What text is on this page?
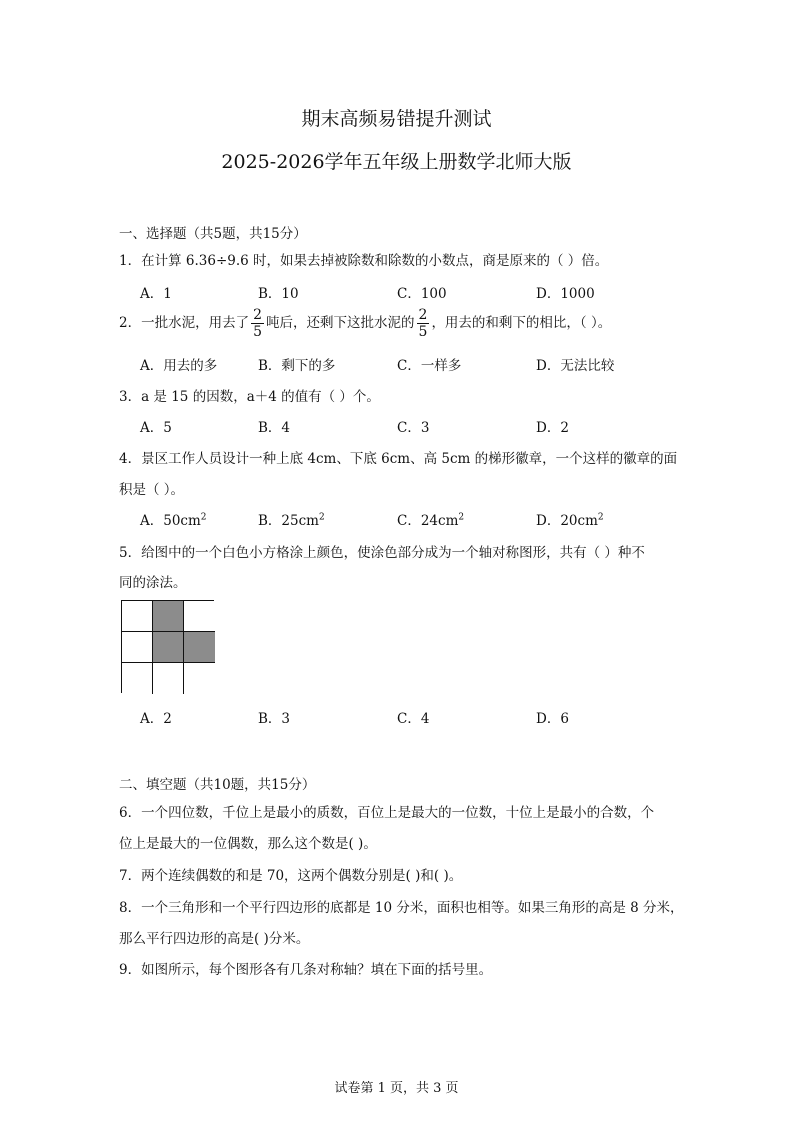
期末高频易错提升测试
2025-2026学年五年级上册数学北师大版
一、选择题（共5题，共15分）
1．在计算 6.36÷9.6 时，如果去掉被除数和除数的小数点，商是原来的（ ）倍。
A．1	B．10	C．100	D．1000
2．一批水泥，用去了 $\frac{2}{5}$ 吨后，还剩下这批水泥的 $\frac{2}{5}$ ，用去的和剩下的相比，（ ）。
A．用去的多	B．剩下的多	C．一样多	D．无法比较
3．a 是 15 的因数，a＋4 的值有（ ）个。
A．5	B．4	C．3	D．2
4．景区工作人员设计一种上底 4cm、下底 6cm、高 5cm 的梯形徽章，一个这样的徽章的面
积是（ ）。
A．$50cm^2$	B．$25cm^2$	C．$24cm^2$	D．$20cm^2$
5．给图中的一个白色小方格涂上颜色，使涂色部分成为一个轴对称图形，共有（ ）种不
同的涂法。
A．2	B．3	C．4	D．6
二、填空题（共10题，共15分）
6．一个四位数，千位上是最小的质数，百位上是最大的一位数，十位上是最小的合数，个
位上是最大的一位偶数，那么这个数是( )。
7．两个连续偶数的和是 70，这两个偶数分别是( )和( )。
8．一个三角形和一个平行四边形的底都是 10 分米，面积也相等。如果三角形的高是 8 分米，
那么平行四边形的高是( )分米。
9．如图所示，每个图形各有几条对称轴？填在下面的括号里。
试卷第 1 页，共 3 页
